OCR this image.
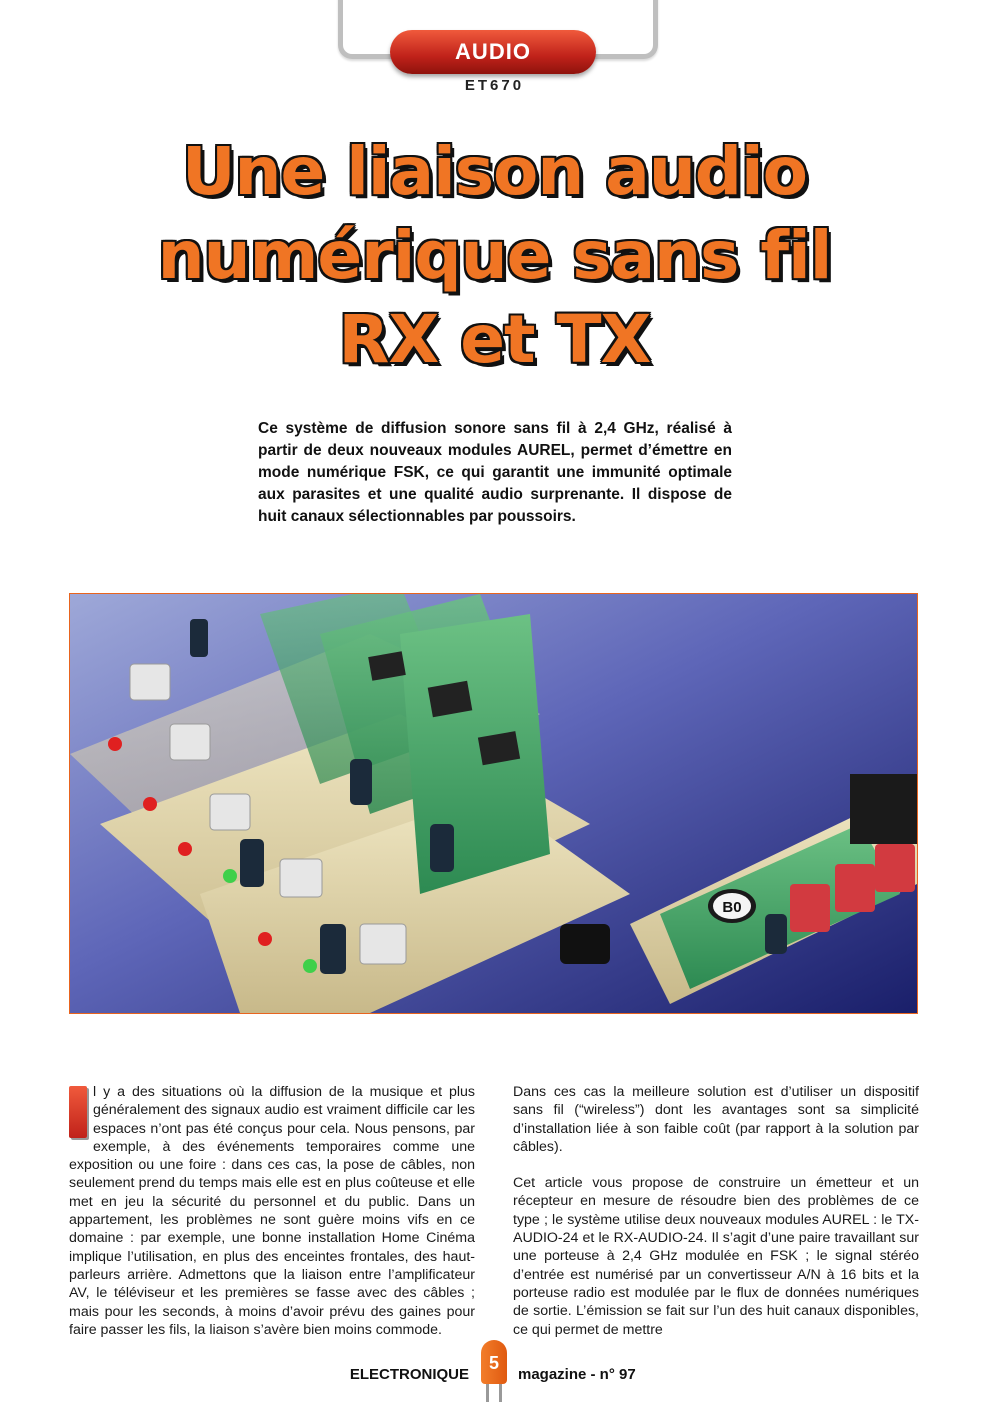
AUDIO
ET670
Une liaison audio
numérique sans fil
RX et TX

Ce système de diffusion sonore sans fil à 2,4 GHz, réalisé à partir de deux nouveaux modules AUREL, permet d’émettre en mode numérique FSK, ce qui garantit une immunité optimale aux parasites et une qualité audio surprenante. Il dispose de huit canaux sélectionnables par poussoirs.

B0

I	l y a des situations où la diffusion de la musique et plus généralement des signaux audio est vraiment difficile car les espaces n’ont pas été conçus pour cela. Nous pensons, par exemple, à des événements temporaires comme une exposition ou une foire : dans ces cas, la pose de câbles, non seulement prend du temps mais elle est en plus coûteuse et elle met en jeu la sécurité du personnel et du public. Dans un appartement, les problèmes ne sont guère moins vifs en ce domaine : par exemple, une bonne installation Home Cinéma implique l’utilisation, en plus des enceintes frontales, des haut-parleurs arrière. Admettons que la liaison entre l’amplificateur AV, le téléviseur et les premières se fasse avec des câbles ; mais pour les seconds, à moins d’avoir prévu des gaines pour faire passer les fils, la liaison s’avère bien moins commode.

Dans ces cas la meilleure solution est d’utiliser un dispositif sans fil (“wireless”) dont les avantages sont sa simplicité d’installation liée à son faible coût (par rapport à la solution par câbles).

Cet article vous propose de construire un émetteur et un récepteur en mesure de résoudre bien des problèmes de ce type ; le système utilise deux nouveaux modules AUREL : le TX-AUDIO-24 et le RX-AUDIO-24. Il s’agit d’une paire travaillant sur une porteuse à 2,4 GHz modulée en FSK ; le signal stéréo d’entrée est numérisé par un convertisseur A/N à 16 bits et la porteuse radio est modulée par le flux de données numériques de sortie. L’émission se fait sur l’un des huit canaux disponibles, ce qui permet de mettre

ELECTRONIQUE
5
magazine - n° 97
